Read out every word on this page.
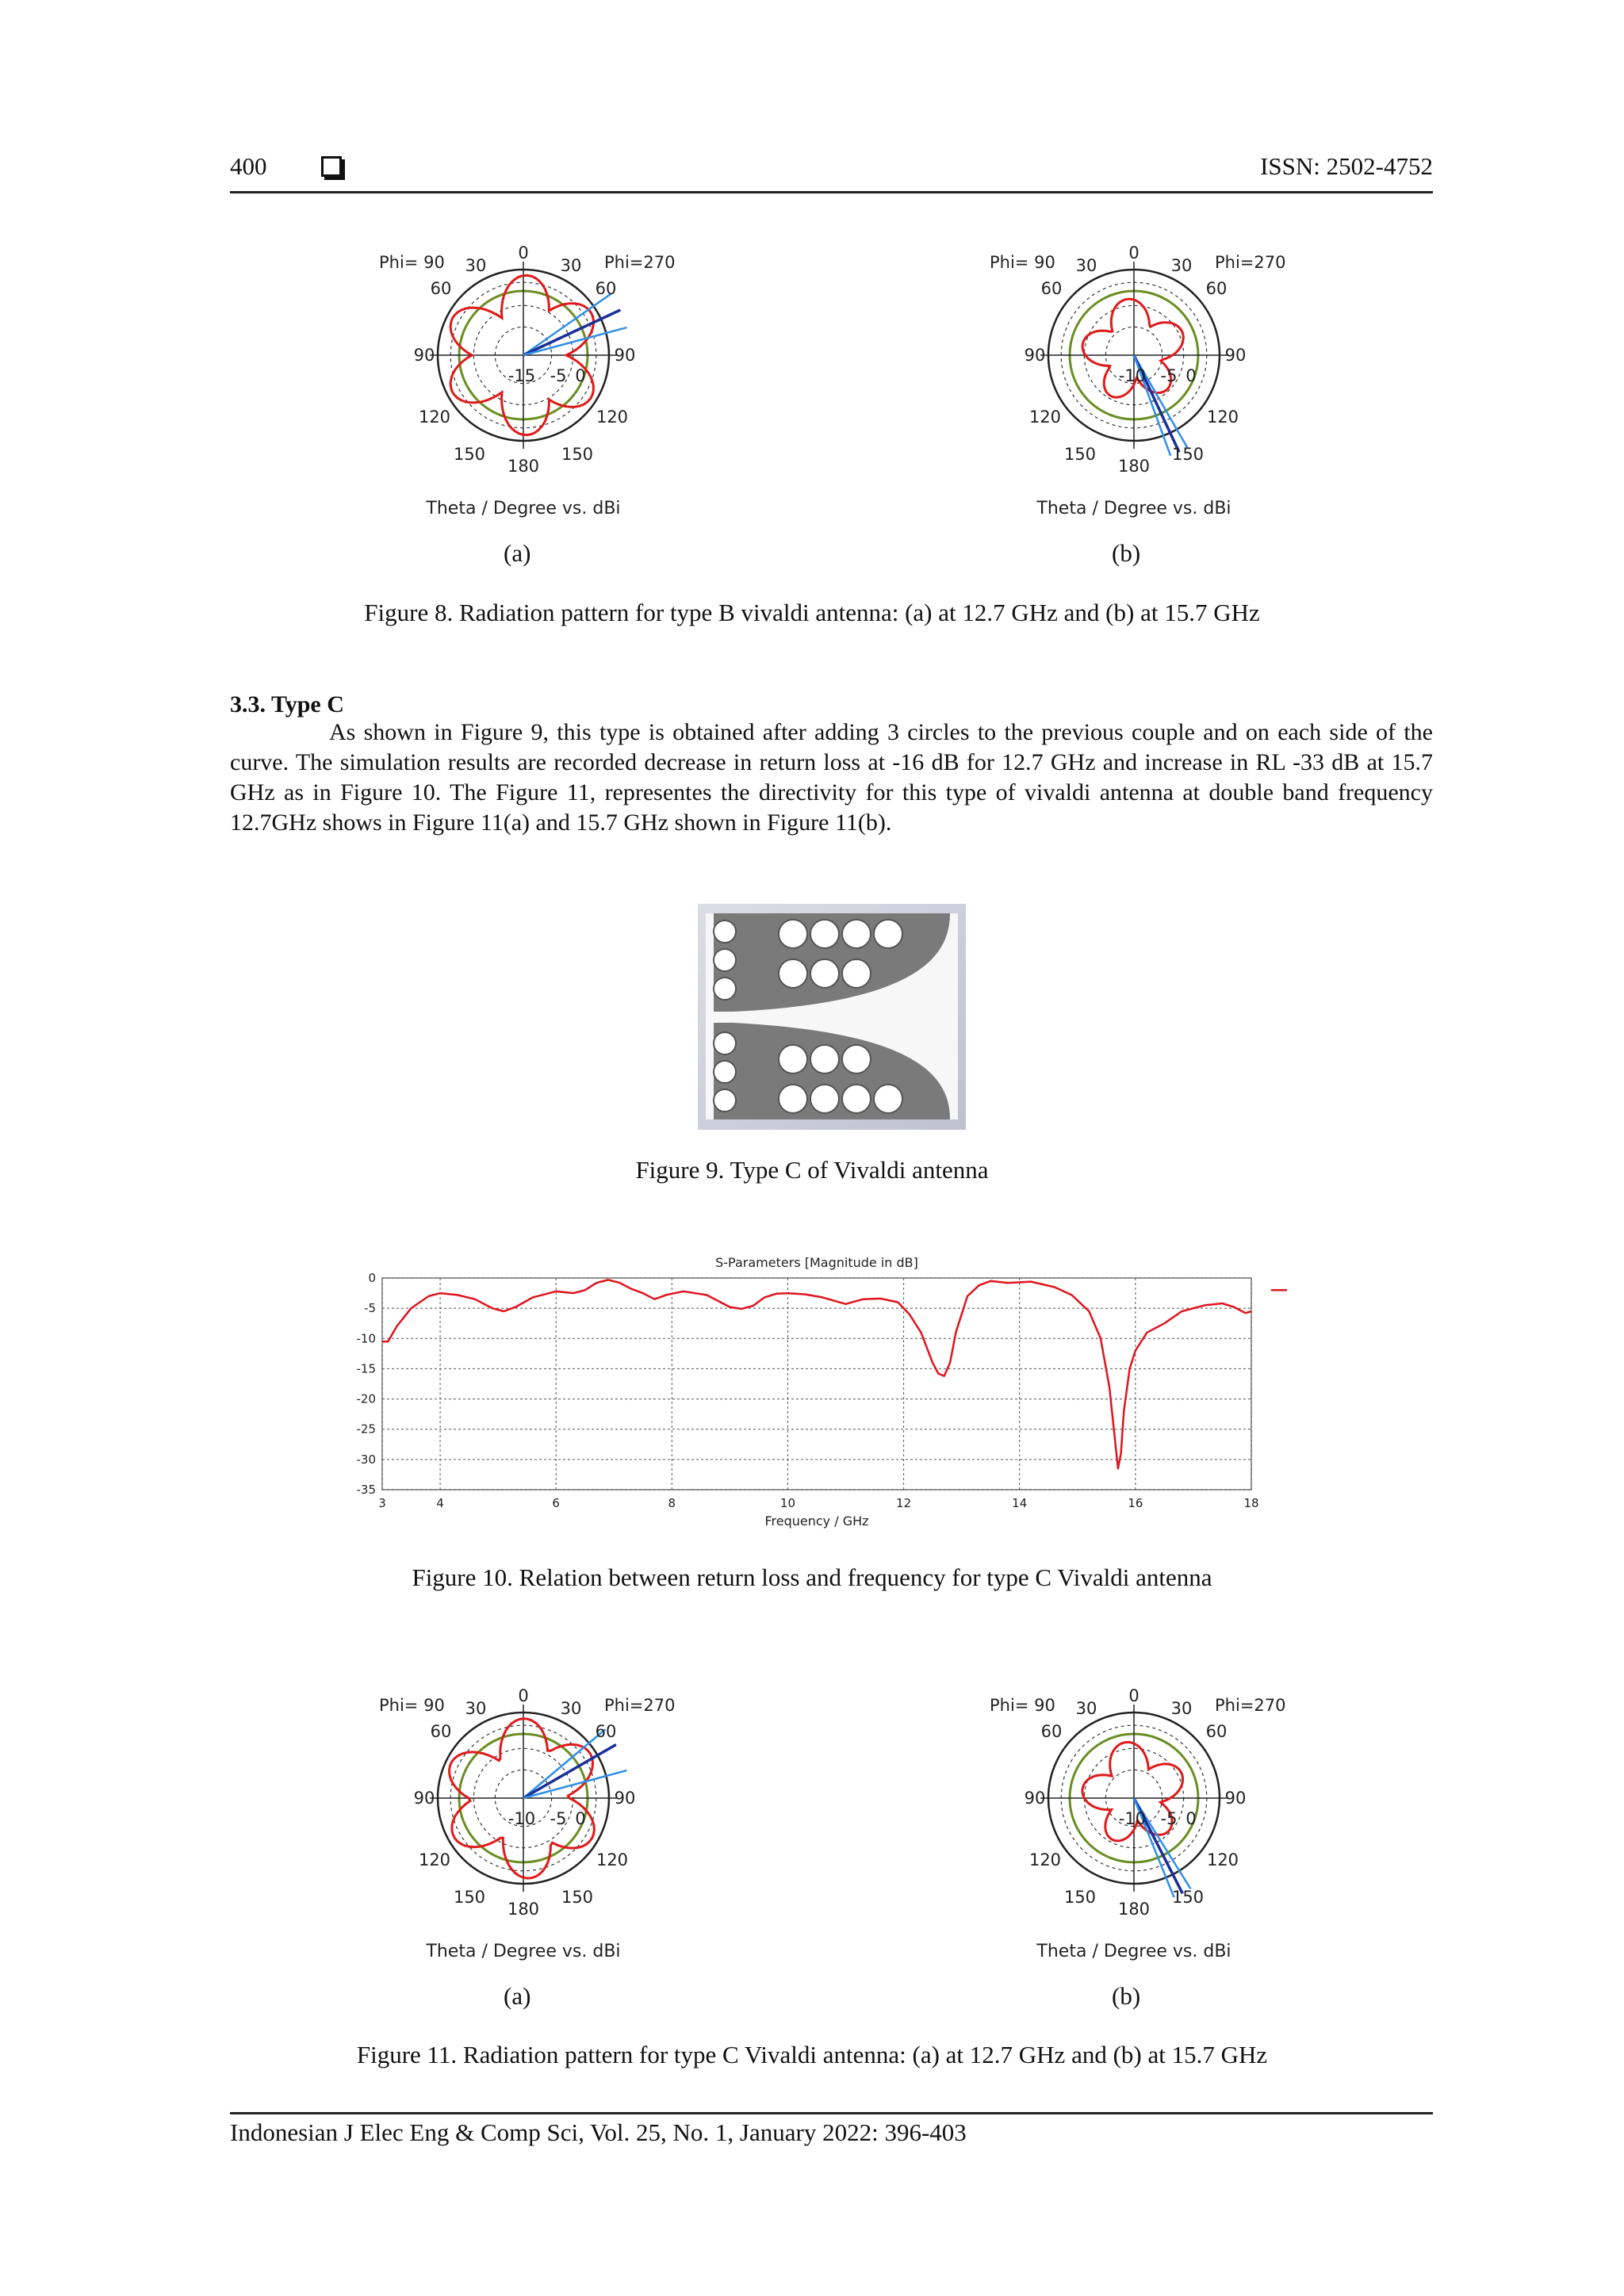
400	ISSN: 2502-4752
0
30	30
60	60
90	90
120	120
150	150
180
Phi= 90	Phi=270
-15 -5 0
Theta / Degree vs. dBi
0
30	30
60	60
90	90
120	120
150	150
180
Phi= 90	Phi=270
-10 -5 0
Theta / Degree vs. dBi
(a)	(b)
Figure 8. Radiation pattern for type B vivaldi antenna: (a) at 12.7 GHz and (b) at 15.7 GHz
3.3. Type C

As shown in Figure 9, this type is obtained after adding 3 circles to the previous couple and on each side of the curve. The simulation results are recorded decrease in return loss at -16 dB for 12.7 GHz and increase in RL -33 dB at 15.7 GHz as in Figure 10. The Figure 11, representes the directivity for this type of vivaldi antenna at double band frequency 12.7GHz shows in Figure 11(a) and 15.7 GHz shown in Figure 11(b).

Figure 9. Type C of Vivaldi antenna
0
-5
-10
-15
-20
-25
-30
-35
3	4	6	8	10	12	14	16	18
S-Parameters [Magnitude in dB]
Frequency / GHz
Figure 10. Relation between return loss and frequency for type C Vivaldi antenna
0
30	30
60	60
90	90
120	120
150	150
180
Phi= 90	Phi=270
-10 -5 0
Theta / Degree vs. dBi
0
30	30
60	60
90	90
120	120
150	150
180
Phi= 90	Phi=270
-10 -5 0
Theta / Degree vs. dBi
(a)	(b)
Figure 11. Radiation pattern for type C Vivaldi antenna: (a) at 12.7 GHz and (b) at 15.7 GHz
Indonesian J Elec Eng & Comp Sci, Vol. 25, No. 1, January 2022: 396-403
